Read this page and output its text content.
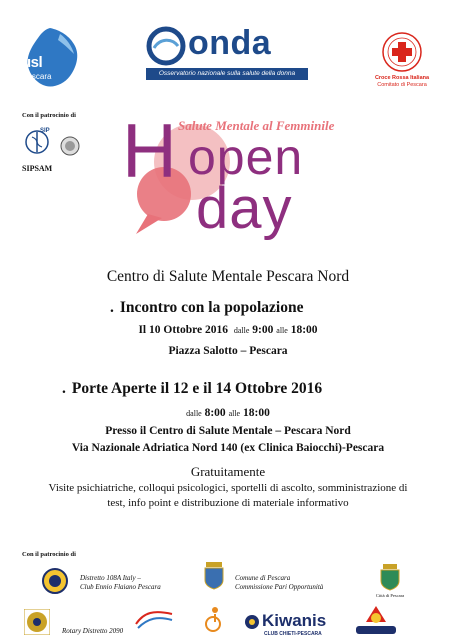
usl
pescara
onda
Osservatorio nazionale sulla salute della donna
Croce Rossa Italiana
Comitato di Pescara
Con il patrocinio di
SIP
SIPSAM
Salute Mentale al Femminile
H open
day
Centro di Salute Mentale Pescara Nord
. Incontro con la popolazione
Il 10 Ottobre 2016 dalle 9:00 alle 18:00
Piazza Salotto – Pescara
. Porte Aperte il 12 e il 14 Ottobre 2016
dalle 8:00 alle 18:00
Presso il Centro di Salute Mentale – Pescara Nord
Via Nazionale Adriatica Nord 140 (ex Clinica Baiocchi)-Pescara
Gratuitamente
Visite psichiatriche, colloqui psicologici, sportelli di ascolto, somministrazione di
test, info point e distribuzione di materiale informativo
Con il patrocinio di
Distretto 108A Italy –
Club Ennio Flaiano Pescara
Comune di Pescara
Commissione Pari Opportunità
Città di Pescara
Rotary Distretto 2090
Kiwanis
CLUB CHIETI-PESCARA
